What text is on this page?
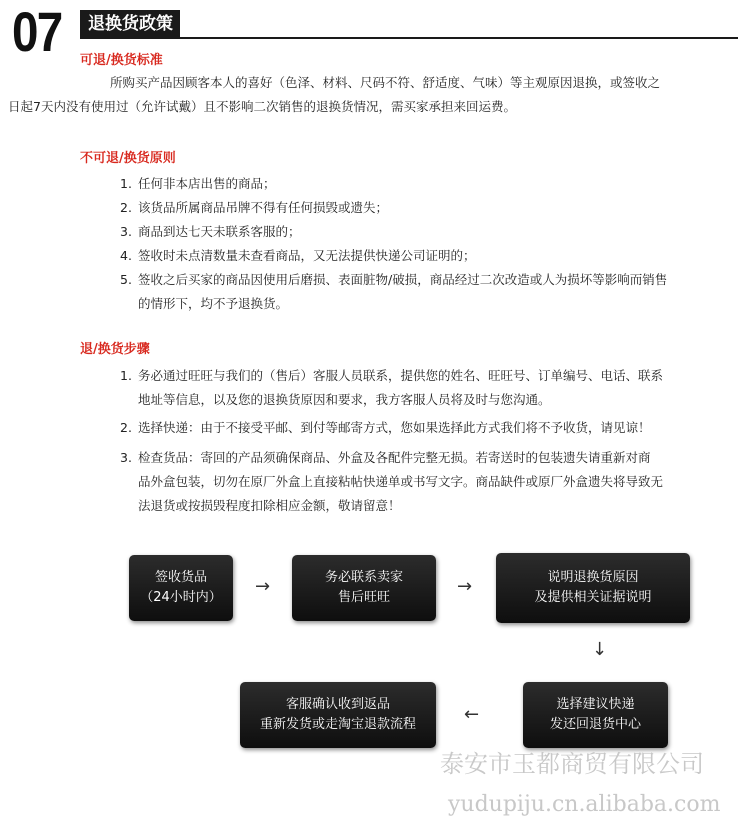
07 退换货政策
可退/换货标准
所购买产品因顾客本人的喜好（色泽、材料、尺码不符、舒适度、气味）等主观原因退换，或签收之
日起7天内没有使用过（允许试戴）且不影响二次销售的退换货情况，需买家承担来回运费。
不可退/换货原则
1. 任何非本店出售的商品；
2. 该货品所属商品吊牌不得有任何损毁或遗失；
3. 商品到达七天未联系客服的；
4. 签收时未点清数量未查看商品，又无法提供快递公司证明的；
5. 签收之后买家的商品因使用后磨损、表面脏物/破损，商品经过二次改造或人为损坏等影响而销售
的情形下，均不予退换货。
退/换货步骤
1. 务必通过旺旺与我们的（售后）客服人员联系，提供您的姓名、旺旺号、订单编号、电话、联系
地址等信息，以及您的退换货原因和要求，我方客服人员将及时与您沟通。
2. 选择快递：由于不接受平邮、到付等邮寄方式，您如果选择此方式我们将不予收货，请见谅！
3. 检查货品：寄回的产品须确保商品、外盒及各配件完整无损。若寄送时的包装遗失请重新对商
品外盒包装，切勿在原厂外盒上直接粘帖快递单或书写文字。商品缺件或原厂外盒遗失将导致无
法退货或按损毁程度扣除相应金额，敬请留意！
签收货品
（24小时内）
→	务必联系卖家
售后旺旺
→	说明退换货原因
及提供相关证据说明
↓
选择建议快递
发还回退货中心
←
客服确认收到返品
重新发货或走淘宝退款流程
泰安市玉都商贸有限公司
yudupiju.cn.alibaba.com
